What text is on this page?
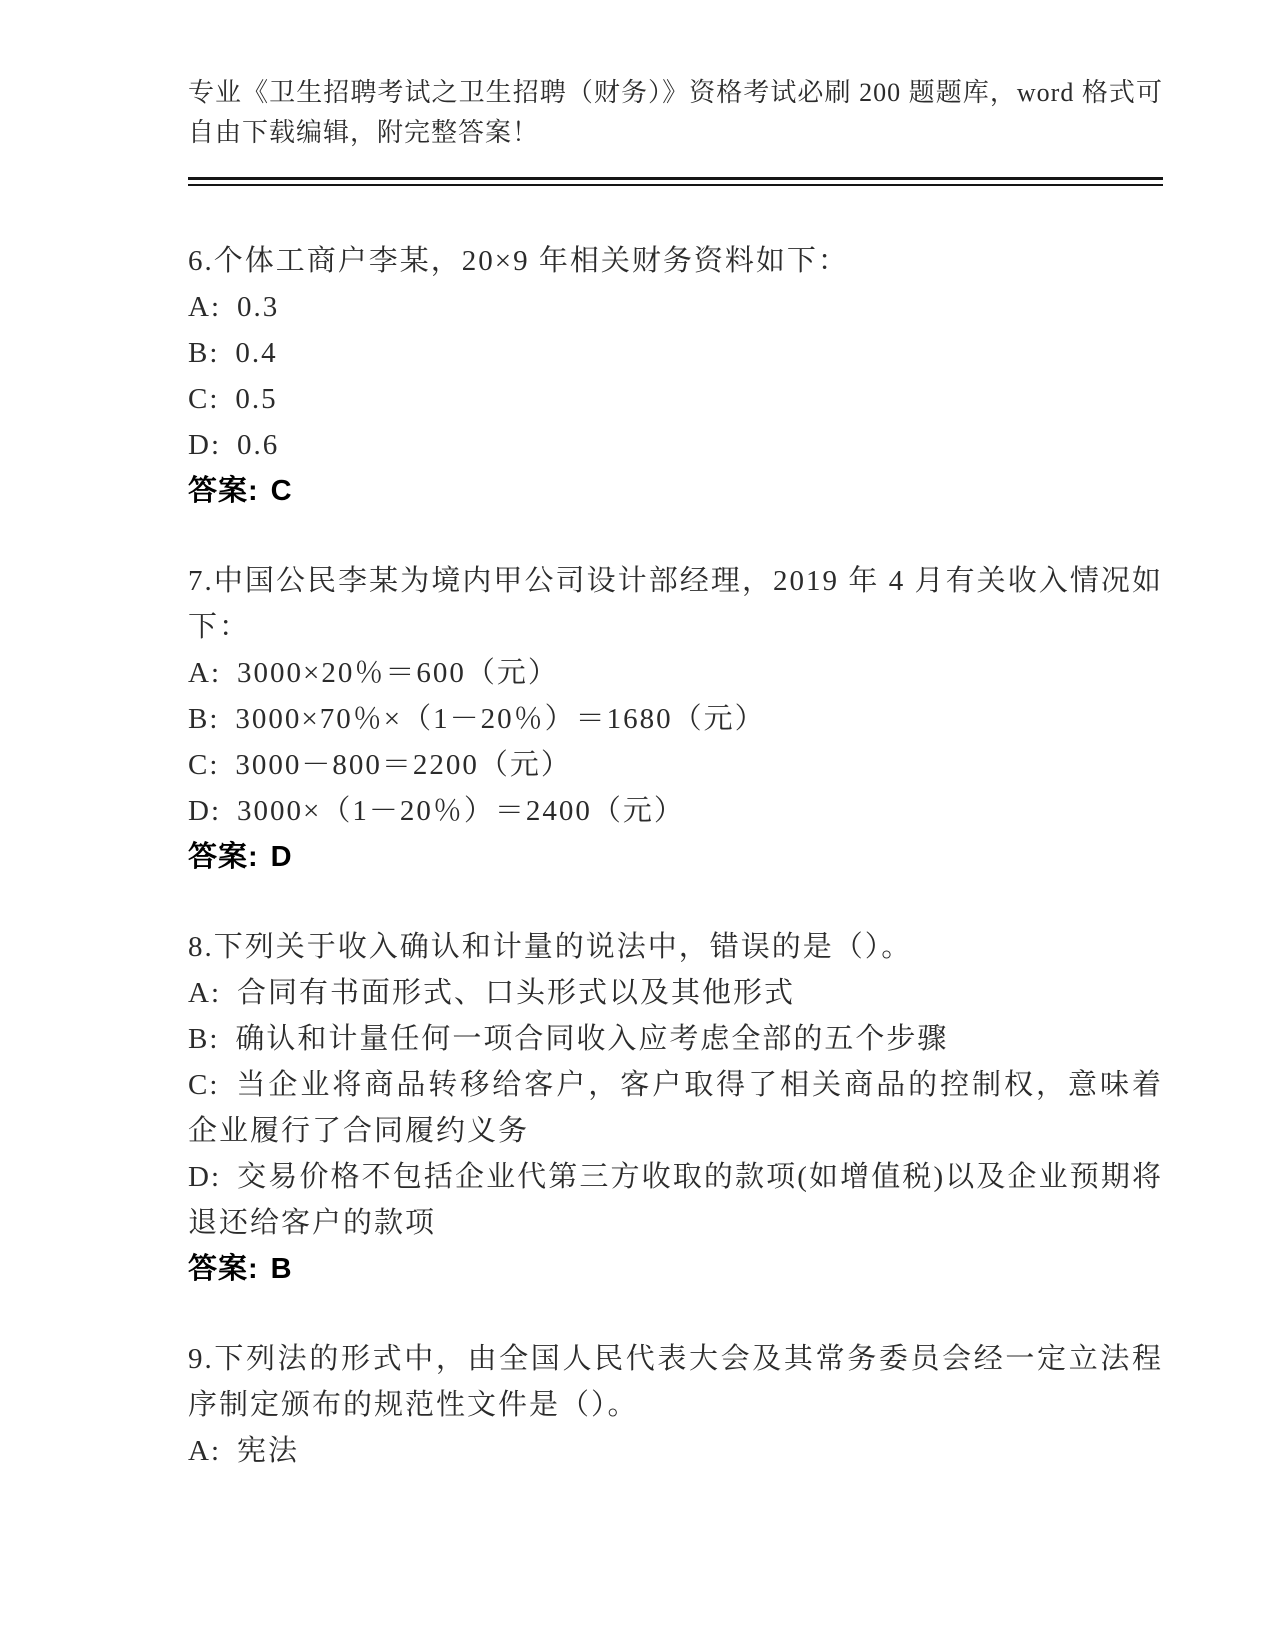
专业《卫生招聘考试之卫生招聘（财务）》资格考试必刷 200 题题库，word 格式可自由下载编辑，附完整答案！

6.个体工商户李某，20×9 年相关财务资料如下：

A: 0.3

B: 0.4

C: 0.5

D: 0.6

答案: C

7.中国公民李某为境内甲公司设计部经理，2019 年 4 月有关收入情况如下：

A: 3000×20％＝600（元）

B: 3000×70％×（1－20％）＝1680（元）

C: 3000－800＝2200（元）

D: 3000×（1－20％）＝2400（元）

答案: D

8.下列关于收入确认和计量的说法中，错误的是（）。

A: 合同有书面形式、口头形式以及其他形式

B: 确认和计量任何一项合同收入应考虑全部的五个步骤

C: 当企业将商品转移给客户，客户取得了相关商品的控制权，意味着企业履行了合同履约义务

D: 交易价格不包括企业代第三方收取的款项(如增值税)以及企业预期将退还给客户的款项

答案: B

9.下列法的形式中，由全国人民代表大会及其常务委员会经一定立法程序制定颁布的规范性文件是（）。

A: 宪法
